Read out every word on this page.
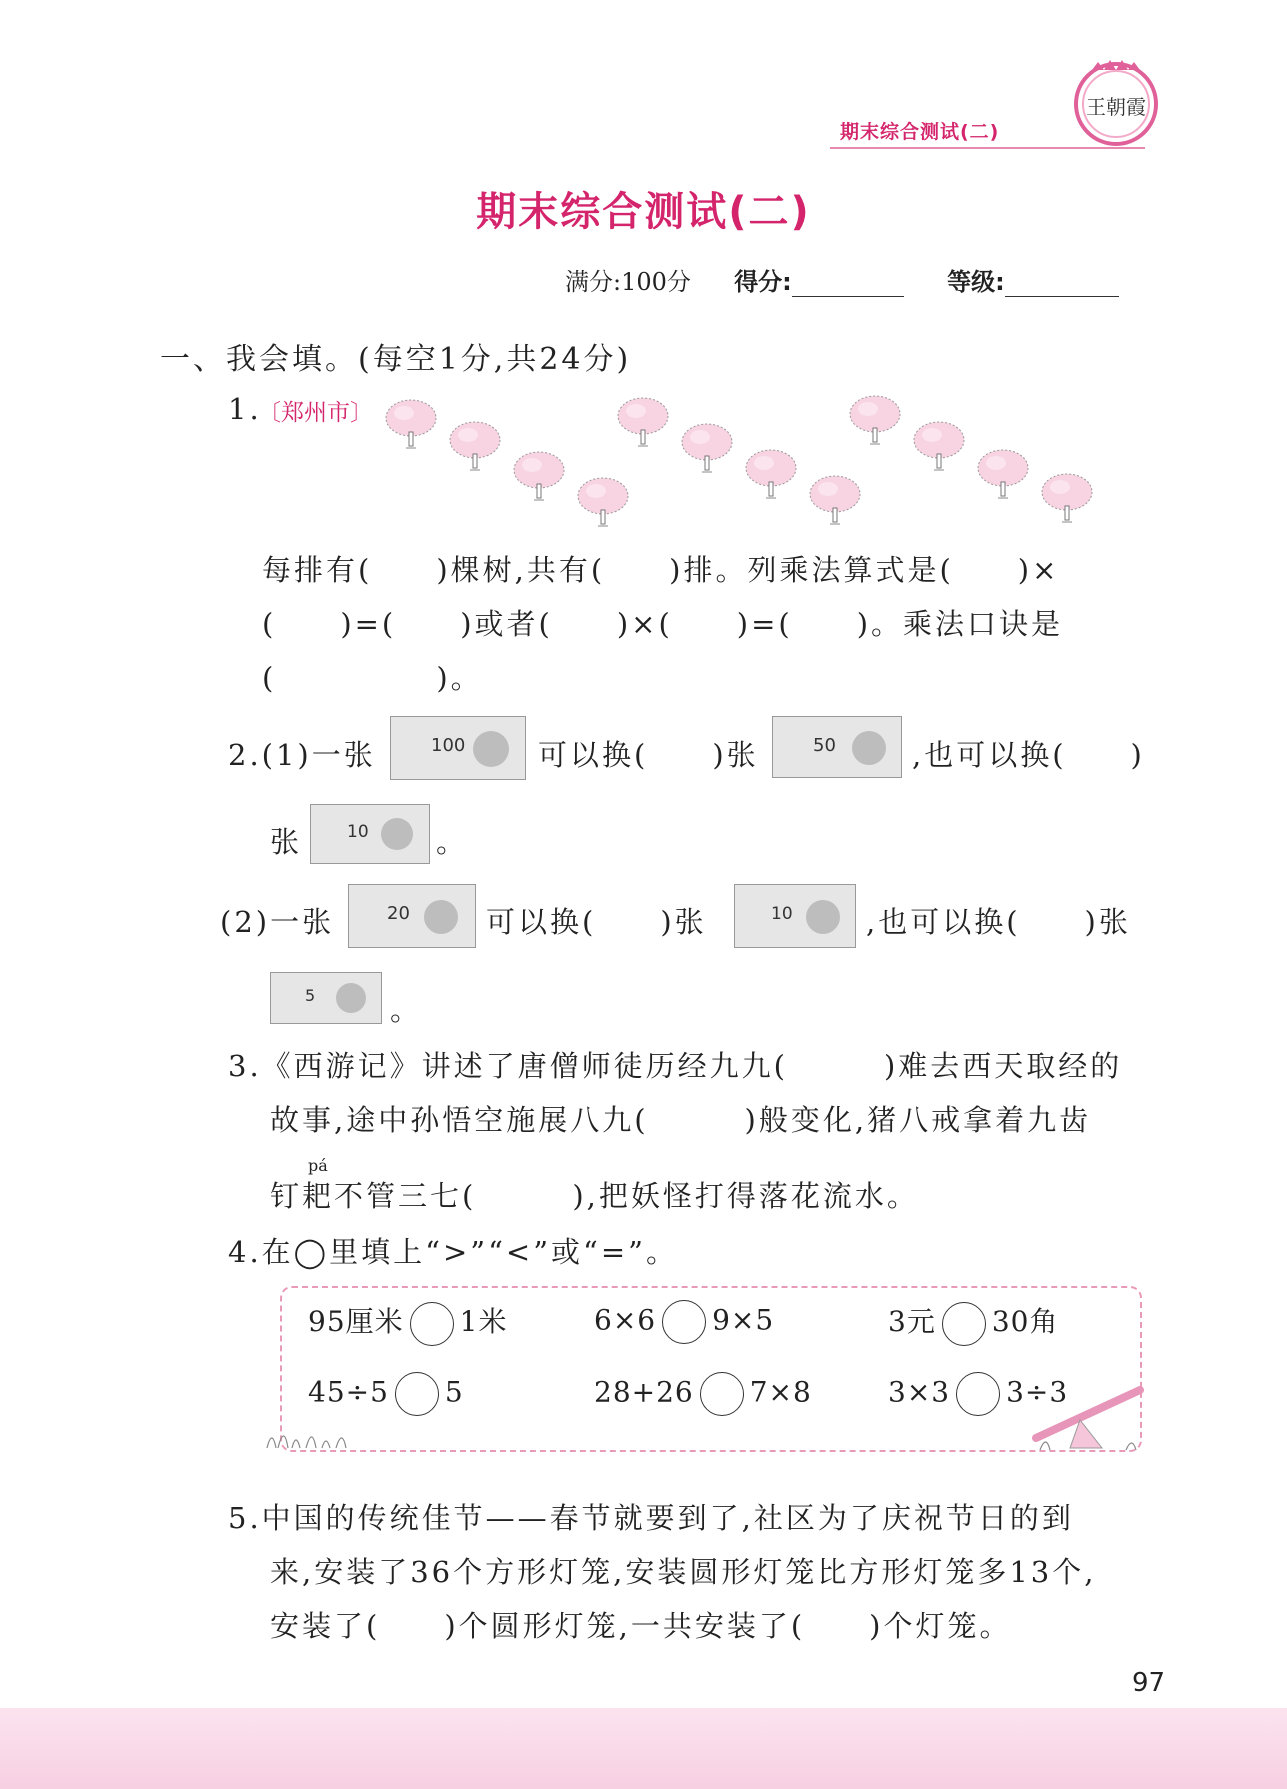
期末综合测试(二)
王朝霞
期末综合测试(二)
满分:100分 得分:	等级:
一、我会填。(每空1分,共24分)
1.
〔郑州市〕
每排有(　　)棵树,共有(　　)排。列乘法算式是(　　)×
(　　)=(　　)或者(　　)×(　　)=(　　)。乘法口诀是
(　　　　　)。
2.(1)一张	100	可以换(　　)张	50	,也可以换(　　)
张	10 。
(2)一张	20	可以换(　　)张	10	,也可以换(　　)张
5	。
3.《西游记》讲述了唐僧师徒历经九九(　　　)难去西天取经的
故事,途中孙悟空施展八九(　　　)般变化,猪八戒拿着九齿
pá
钉耙不管三七(　　　),把妖怪打得落花流水。
4.在◯里填上“>”“<”或“=”。
95厘米 1米	6×6 9×5	3元 30角
45÷5 5	28+26 7×8	3×3 3÷3
5.中国的传统佳节——春节就要到了,社区为了庆祝节日的到
来,安装了36个方形灯笼,安装圆形灯笼比方形灯笼多13个,
安装了(　　)个圆形灯笼,一共安装了(　　)个灯笼。
97
